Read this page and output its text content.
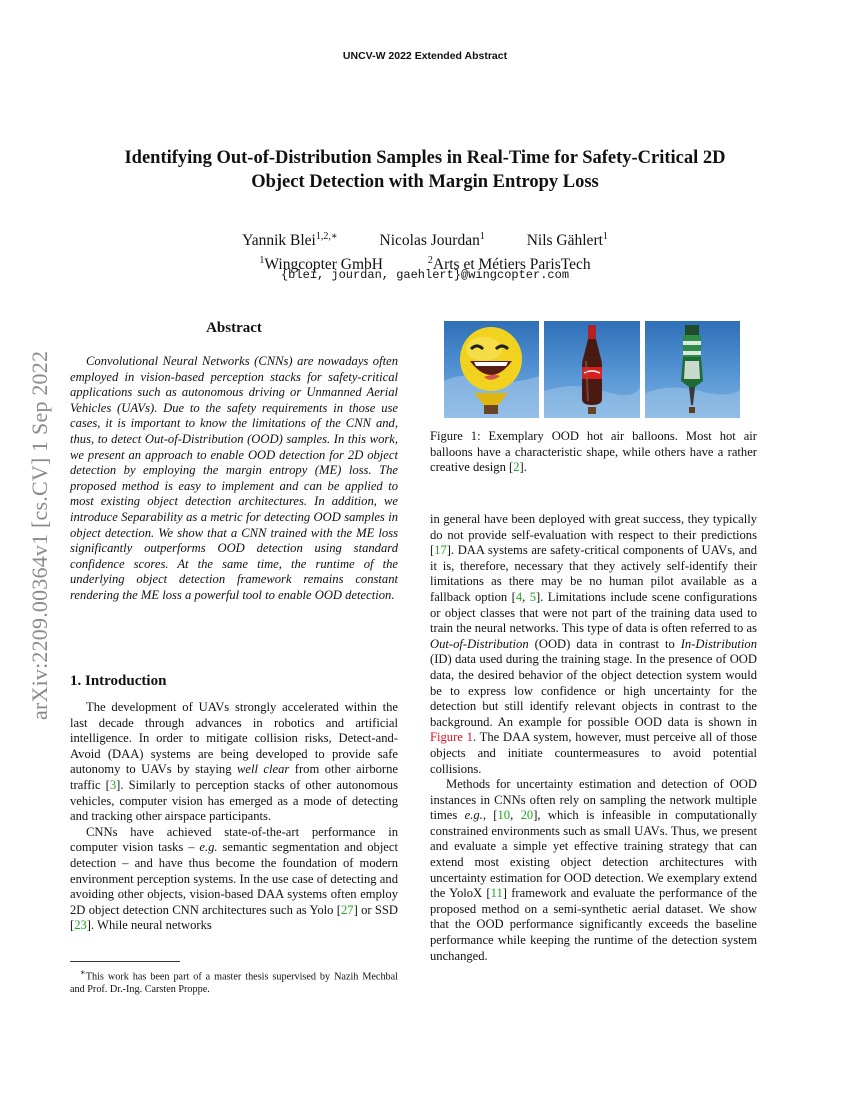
UNCV-W 2022 Extended Abstract
Identifying Out-of-Distribution Samples in Real-Time for Safety-Critical 2D
Object Detection with Margin Entropy Loss
Yannik Blei$^{1,2,∗}$	Nicolas Jourdan$^1$	Nils Gählert$^1$
$^1$Wingcopter GmbH	$^2$Arts et Métiers ParisTech
{blei, jourdan, gaehlert}@wingcopter.com
arXiv:2209.00364v1 [cs.CV] 1 Sep 2022
Abstract

Convolutional Neural Networks (CNNs) are nowadays often employed in vision-based perception stacks for safety-critical applications such as autonomous driving or Unmanned Aerial Vehicles (UAVs). Due to the safety requirements in those use cases, it is important to know the limitations of the CNN and, thus, to detect Out-of-Distribution (OOD) samples. In this work, we present an approach to enable OOD detection for 2D object detection by employing the margin entropy (ME) loss. The proposed method is easy to implement and can be applied to most existing object detection architectures. In addition, we introduce Separability as a metric for detecting OOD samples in object detection. We show that a CNN trained with the ME loss significantly outperforms OOD detection using standard confidence scores. At the same time, the runtime of the underlying object detection framework remains constant rendering the ME loss a powerful tool to enable OOD detection.

1. Introduction

The development of UAVs strongly accelerated within the last decade through advances in robotics and artificial intelligence. In order to mitigate collision risks, Detect-and-Avoid (DAA) systems are being developed to provide safe autonomy to UAVs by staying well clear from other airborne traffic [3]. Similarly to perception stacks of other autonomous vehicles, computer vision has emerged as a mode of detecting and tracking other airspace participants.

CNNs have achieved state-of-the-art performance in computer vision tasks – e.g. semantic segmentation and object detection – and have thus become the foundation of modern environment perception systems. In the use case of detecting and avoiding other objects, vision-based DAA systems often employ 2D object detection CNN architectures such as Yolo [27] or SSD [23]. While neural networks

∗This work has been part of a master thesis supervised by Nazih Mechbal and Prof. Dr.-Ing. Carsten Proppe.

Figure 1: Exemplary OOD hot air balloons. Most hot air balloons have a characteristic shape, while others have a rather creative design [2].

in general have been deployed with great success, they typically do not provide self-evaluation with respect to their predictions [17]. DAA systems are safety-critical components of UAVs, and it is, therefore, necessary that they actively self-identify their limitations as there may be no human pilot available as a fallback option [4, 5]. Limitations include scene configurations or object classes that were not part of the training data used to train the neural networks. This type of data is often referred to as Out-of-Distribution (OOD) data in contrast to In-Distribution (ID) data used during the training stage. In the presence of OOD data, the desired behavior of the object detection system would be to express low confidence or high uncertainty for the detection but still identify relevant objects in contrast to the background. An example for possible OOD data is shown in Figure 1. The DAA system, however, must perceive all of those objects and initiate countermeasures to avoid potential collisions.

Methods for uncertainty estimation and detection of OOD instances in CNNs often rely on sampling the network multiple times e.g., [10, 20], which is infeasible in computationally constrained environments such as small UAVs. Thus, we present and evaluate a simple yet effective training strategy that can extend most existing object detection architectures with uncertainty estimation for OOD detection. We exemplary extend the YoloX [11] framework and evaluate the performance of the proposed method on a semi-synthetic aerial dataset. We show that the OOD performance significantly exceeds the baseline performance while keeping the runtime of the detection system unchanged.
